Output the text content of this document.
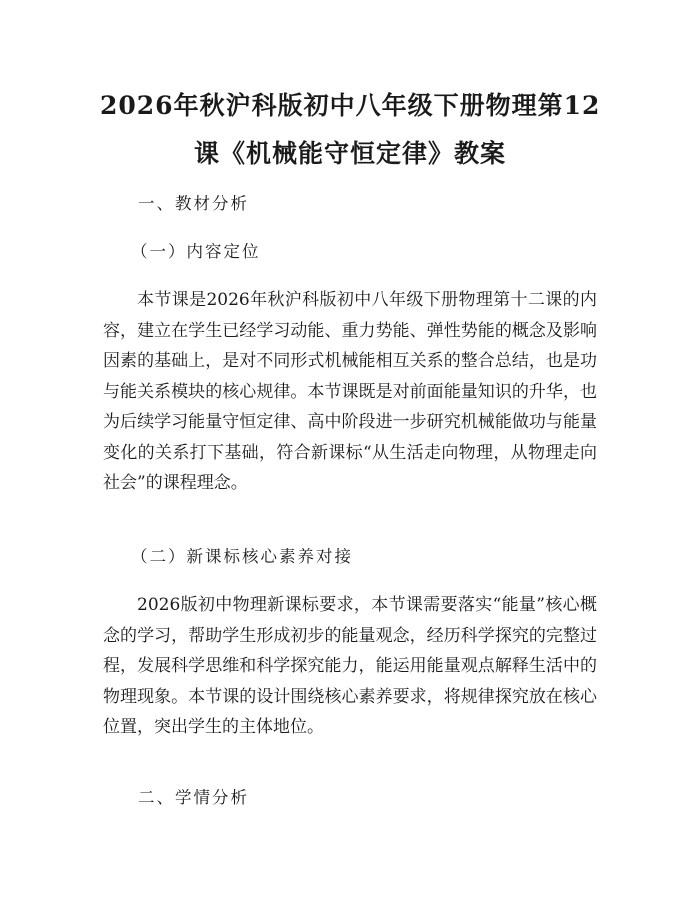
2026年秋沪科版初中八年级下册物理第12
课《机械能守恒定律》教案
一、教材分析
（一）内容定位
本节课是2026年秋沪科版初中八年级下册物理第十二课的内容，建立在学生已经学习动能、重力势能、弹性势能的概念及影响因素的基础上，是对不同形式机械能相互关系的整合总结，也是功与能关系模块的核心规律。本节课既是对前面能量知识的升华，也为后续学习能量守恒定律、高中阶段进一步研究机械能做功与能量变化的关系打下基础，符合新课标“从生活走向物理，从物理走向社会”的课程理念。
（二）新课标核心素养对接
2026版初中物理新课标要求，本节课需要落实“能量”核心概念的学习，帮助学生形成初步的能量观念，经历科学探究的完整过程，发展科学思维和科学探究能力，能运用能量观点解释生活中的物理现象。本节课的设计围绕核心素养要求，将规律探究放在核心位置，突出学生的主体地位。
二、学情分析
